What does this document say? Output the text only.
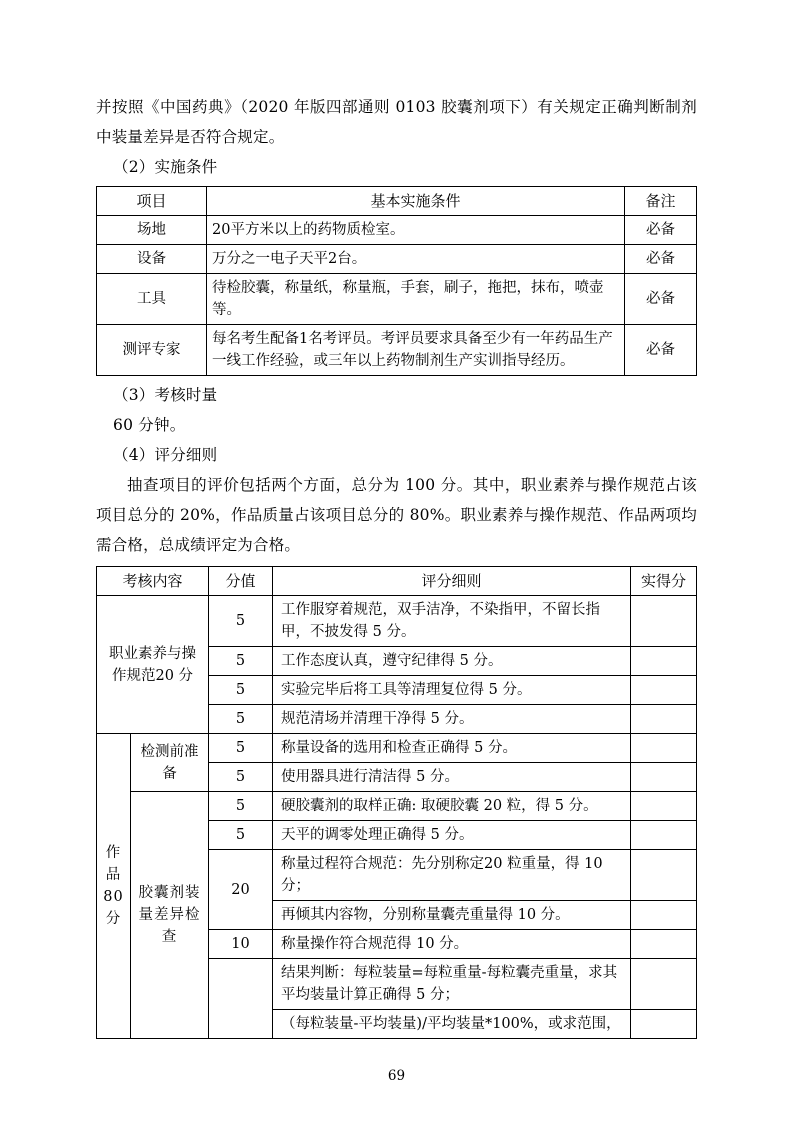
并按照《中国药典》（2020 年版四部通则 0103 胶囊剂项下）有关规定正确判断制剂中装量差异是否符合规定。

（2）实施条件

项目	基本实施条件	备注
场地	20平方米以上的药物质检室。	必备
设备	万分之一电子天平2台。	必备
工具	待检胶囊，称量纸，称量瓶，手套，刷子，拖把，抹布，喷壶等。	必备
测评专家	每名考生配备1名考评员。考评员要求具备至少有一年药品生产一线工作经验，或三年以上药物制剂生产实训指导经历。	必备

（3）考核时量

60 分钟。

（4）评分细则

抽查项目的评价包括两个方面，总分为 100 分。其中，职业素养与操作规范占该项目总分的 20%，作品质量占该项目总分的 80%。职业素养与操作规范、作品两项均需合格，总成绩评定为合格。

考核内容		分值	评分细则	实得分
职业素养与操作规范20 分		5	工作服穿着规范，双手洁净，不染指甲，不留长指甲，不披发得 5 分。	
		5	工作态度认真，遵守纪律得 5 分。	
		5	实验完毕后将工具等清理复位得 5 分。	
		5	规范清场并清理干净得 5 分。	
作品80 分	检测前准备	5	称量设备的选用和检查正确得 5 分。	
		5	使用器具进行清洁得 5 分。	
	胶囊剂装量差异检查	5	硬胶囊剂的取样正确: 取硬胶囊 20 粒，得 5 分。	
		5	天平的调零处理正确得 5 分。	
		20	称量过程符合规范：先分别称定20 粒重量，得 10 分；	
			再倾其内容物，分别称量囊壳重量得 10 分。	
		10	称量操作符合规范得 10 分。	
			结果判断：每粒装量=每粒重量-每粒囊壳重量，求其平均装量计算正确得 5 分；	
			（每粒装量-平均装量)/平均装量*100%，或求范围，	
69
